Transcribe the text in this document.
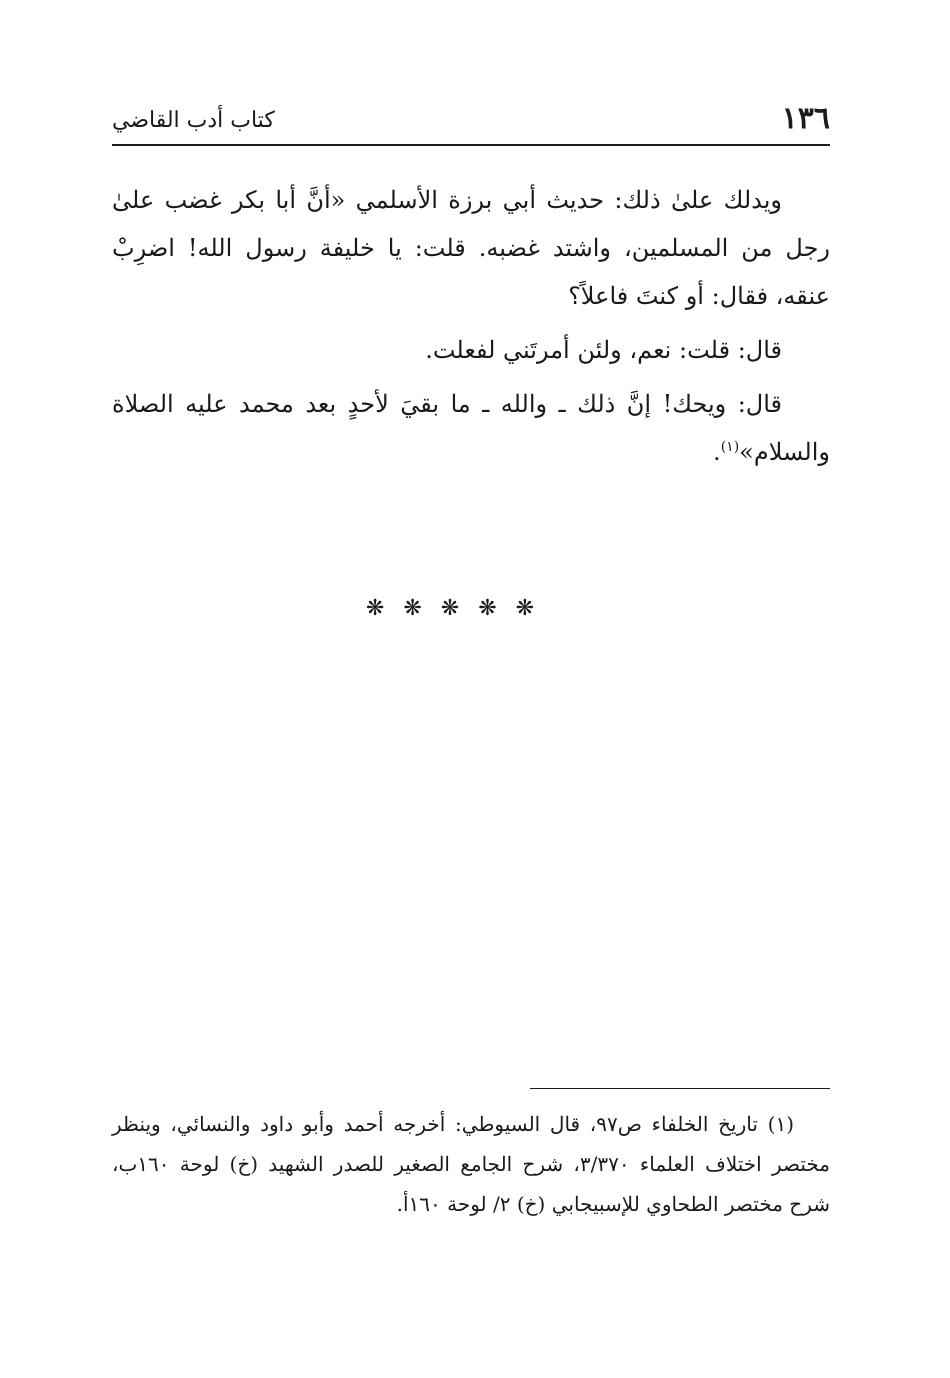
١٣٦
كتاب أدب القاضي

ويدلك علىٰ ذلك: حديث أبي برزة الأسلمي «أنَّ أبا بكر غضب علىٰ رجل من المسلمين، واشتد غضبه. قلت: يا خليفة رسول الله! اضرِبْ عنقه، فقال: أو كنتَ فاعلاً؟

قال: قلت: نعم، ولئن أمرتَني لفعلت.

قال: ويحك! إنَّ ذلك ـ والله ـ ما بقيَ لأحدٍ بعد محمد عليه الصلاة والسلام»$^{(١)}$.

❋ ❋ ❋ ❋ ❋

(١) تاريخ الخلفاء ص٩٧، قال السيوطي: أخرجه أحمد وأبو داود والنسائي، وينظر مختصر اختلاف العلماء ٣/٣٧٠، شرح الجامع الصغير للصدر الشهيد (خ) لوحة ١٦٠ب، شرح مختصر الطحاوي للإسبيجابي (خ) ٢/ لوحة ١٦٠أ.
